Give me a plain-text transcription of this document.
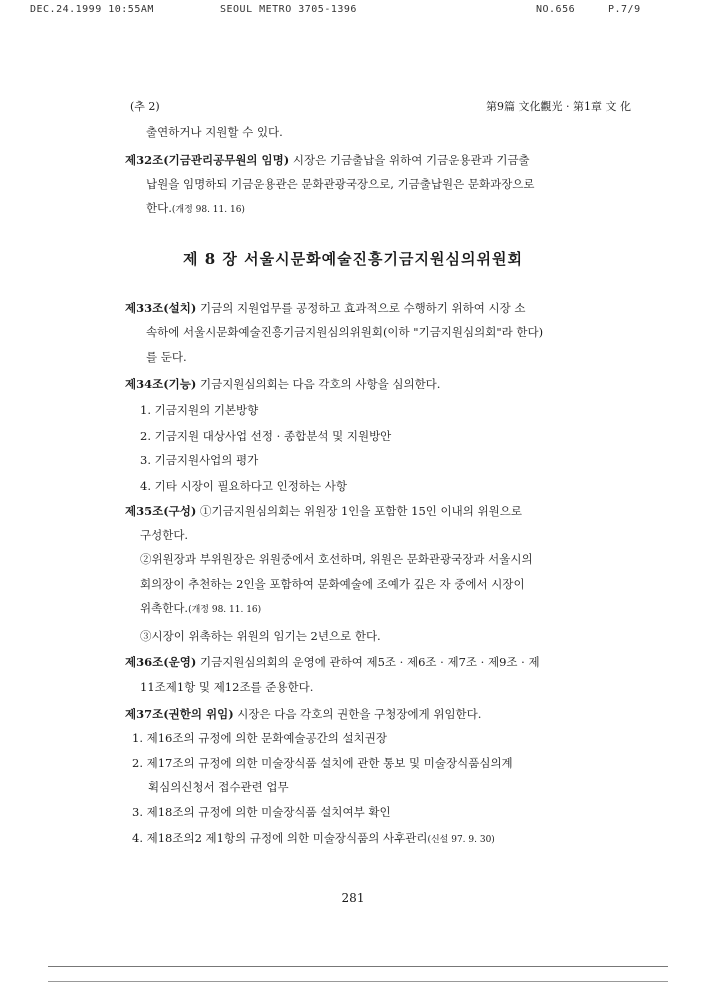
DEC.24.1999 10:55AM	SEOUL METRO 3705-1396	NO.656	P.7/9
(추 2)	第9篇 文化觀光 · 第1章 文 化
출연하거나 지원할 수 있다.
제32조(기금관리공무원의 임명) 시장은 기금출납을 위하여 기금운용관과 기금출
납원을 임명하되 기금운용관은 문화관광국장으로, 기금출납원은 문화과장으로
한다.(개정 98. 11. 16)
제 8 장 서울시문화예술진흥기금지원심의위원회
제33조(설치) 기금의 지원업무를 공정하고 효과적으로 수행하기 위하여 시장 소
속하에 서울시문화예술진흥기금지원심의위원회(이하 "기금지원심의회"라 한다)
를 둔다.
제34조(기능) 기금지원심의회는 다음 각호의 사항을 심의한다.
1. 기금지원의 기본방향
2. 기금지원 대상사업 선정 · 종합분석 및 지원방안
3. 기금지원사업의 평가
4. 기타 시장이 필요하다고 인정하는 사항
제35조(구성) ①기금지원심의회는 위원장 1인을 포함한 15인 이내의 위원으로
구성한다.
②위원장과 부위원장은 위원중에서 호선하며, 위원은 문화관광국장과 서울시의
회의장이 추천하는 2인을 포함하여 문화예술에 조예가 깊은 자 중에서 시장이
위촉한다.(개정 98. 11. 16)
③시장이 위촉하는 위원의 임기는 2년으로 한다.
제36조(운영) 기금지원심의회의 운영에 관하여 제5조 · 제6조 · 제7조 · 제9조 · 제
11조제1항 및 제12조를 준용한다.
제37조(권한의 위임) 시장은 다음 각호의 권한을 구청장에게 위임한다.
1. 제16조의 규정에 의한 문화예술공간의 설치권장
2. 제17조의 규정에 의한 미술장식품 설치에 관한 통보 및 미술장식품심의계
획심의신청서 접수관련 업무
3. 제18조의 규정에 의한 미술장식품 설치여부 확인
4. 제18조의2 제1항의 규정에 의한 미술장식품의 사후관리(신설 97. 9. 30)
281
